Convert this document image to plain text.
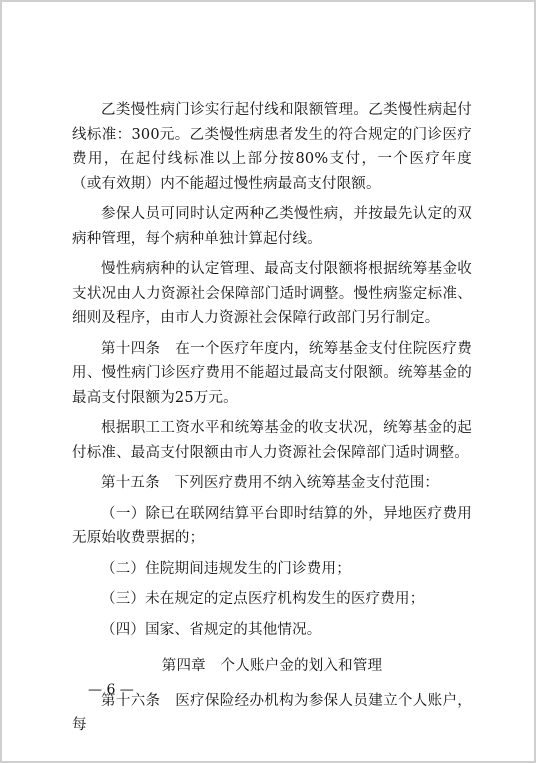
乙类慢性病门诊实行起付线和限额管理。乙类慢性病起付线标准：300元。乙类慢性病患者发生的符合规定的门诊医疗费用，在起付线标准以上部分按80%支付，一个医疗年度（或有效期）内不能超过慢性病最高支付限额。

参保人员可同时认定两种乙类慢性病，并按最先认定的双病种管理，每个病种单独计算起付线。

慢性病病种的认定管理、最高支付限额将根据统筹基金收支状况由人力资源社会保障部门适时调整。慢性病鉴定标准、细则及程序，由市人力资源社会保障行政部门另行制定。

第十四条　在一个医疗年度内，统筹基金支付住院医疗费用、慢性病门诊医疗费用不能超过最高支付限额。统筹基金的最高支付限额为25万元。

根据职工工资水平和统筹基金的收支状况，统筹基金的起付标准、最高支付限额由市人力资源社会保障部门适时调整。

第十五条　下列医疗费用不纳入统筹基金支付范围：

（一）除已在联网结算平台即时结算的外，异地医疗费用无原始收费票据的；

（二）住院期间违规发生的门诊费用；

（三）未在规定的定点医疗机构发生的医疗费用；

（四）国家、省规定的其他情况。

第四章　个人账户金的划入和管理

第十六条　医疗保险经办机构为参保人员建立个人账户，每

— 6 —
